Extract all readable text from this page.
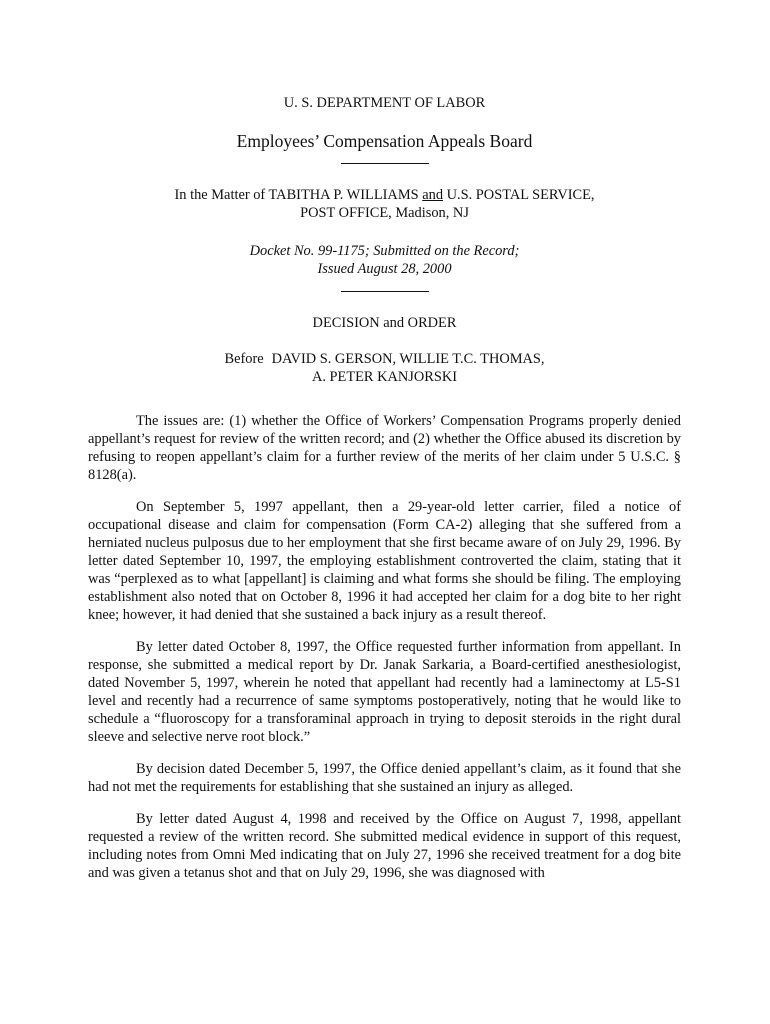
U. S. DEPARTMENT OF LABOR
Employees’ Compensation Appeals Board
In the Matter of TABITHA P. WILLIAMS and U.S. POSTAL SERVICE,
POST OFFICE, Madison, NJ
Docket No. 99-1175; Submitted on the Record;
Issued August 28, 2000
DECISION and ORDER
Before DAVID S. GERSON, WILLIE T.C. THOMAS,
A. PETER KANJORSKI

The issues are: (1) whether the Office of Workers’ Compensation Programs properly denied appellant’s request for review of the written record; and (2) whether the Office abused its discretion by refusing to reopen appellant’s claim for a further review of the merits of her claim under 5 U.S.C. § 8128(a).

On September 5, 1997 appellant, then a 29-year-old letter carrier, filed a notice of occupational disease and claim for compensation (Form CA-2) alleging that she suffered from a herniated nucleus pulposus due to her employment that she first became aware of on July 29, 1996. By letter dated September 10, 1997, the employing establishment controverted the claim, stating that it was “perplexed as to what [appellant] is claiming and what forms she should be filing. The employing establishment also noted that on October 8, 1996 it had accepted her claim for a dog bite to her right knee; however, it had denied that she sustained a back injury as a result thereof.

By letter dated October 8, 1997, the Office requested further information from appellant. In response, she submitted a medical report by Dr. Janak Sarkaria, a Board-certified anesthesiologist, dated November 5, 1997, wherein he noted that appellant had recently had a laminectomy at L5-S1 level and recently had a recurrence of same symptoms postoperatively, noting that he would like to schedule a “fluoroscopy for a transforaminal approach in trying to deposit steroids in the right dural sleeve and selective nerve root block.”

By decision dated December 5, 1997, the Office denied appellant’s claim, as it found that she had not met the requirements for establishing that she sustained an injury as alleged.

By letter dated August 4, 1998 and received by the Office on August 7, 1998, appellant requested a review of the written record. She submitted medical evidence in support of this request, including notes from Omni Med indicating that on July 27, 1996 she received treatment for a dog bite and was given a tetanus shot and that on July 29, 1996, she was diagnosed with
